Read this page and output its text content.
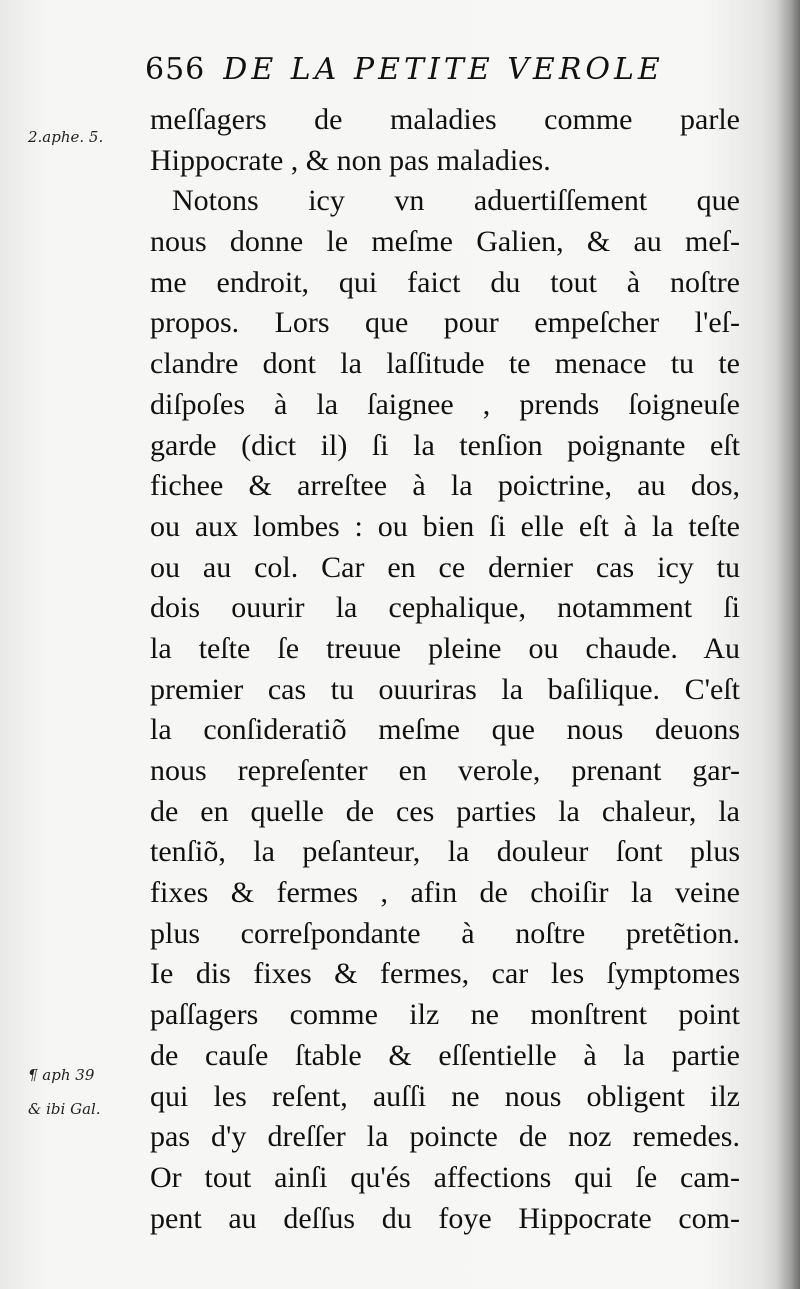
656 DE LA PETITE VEROLE
2.aphe. 5.
¶ aph 39
& ibi Gal.
meſſagers de maladies comme parle
Hippocrate , & non pas maladies.
Notons icy vn aduertiſſement que
nous donne le meſme Galien, & au meſ-
me endroit, qui faict du tout à noſtre
propos. Lors que pour empeſcher l'eſ-
clandre dont la laſſitude te menace tu te
diſpoſes à la ſaignee , prends ſoigneuſe
garde (dict il) ſi la tenſion poignante eſt
fichee & arreſtee à la poictrine, au dos,
ou aux lombes : ou bien ſi elle eſt à la teſte
ou au col. Car en ce dernier cas icy tu
dois ouurir la cephalique, notamment ſi
la teſte ſe treuue pleine ou chaude. Au
premier cas tu ouuriras la baſilique. C'eſt
la conſideratiõ meſme que nous deuons
nous repreſenter en verole, prenant gar-
de en quelle de ces parties la chaleur, la
tenſiõ, la peſanteur, la douleur ſont plus
fixes & fermes , afin de choiſir la veine
plus correſpondante à noſtre pretẽtion.
Ie dis fixes & fermes, car les ſymptomes
paſſagers comme ilz ne monſtrent point
de cauſe ſtable & eſſentielle à la partie
qui les reſent, auſſi ne nous obligent ilz
pas d'y dreſſer la poincte de noz remedes.
Or tout ainſi qu'és affections qui ſe cam-
pent au deſſus du foye Hippocrate com-
